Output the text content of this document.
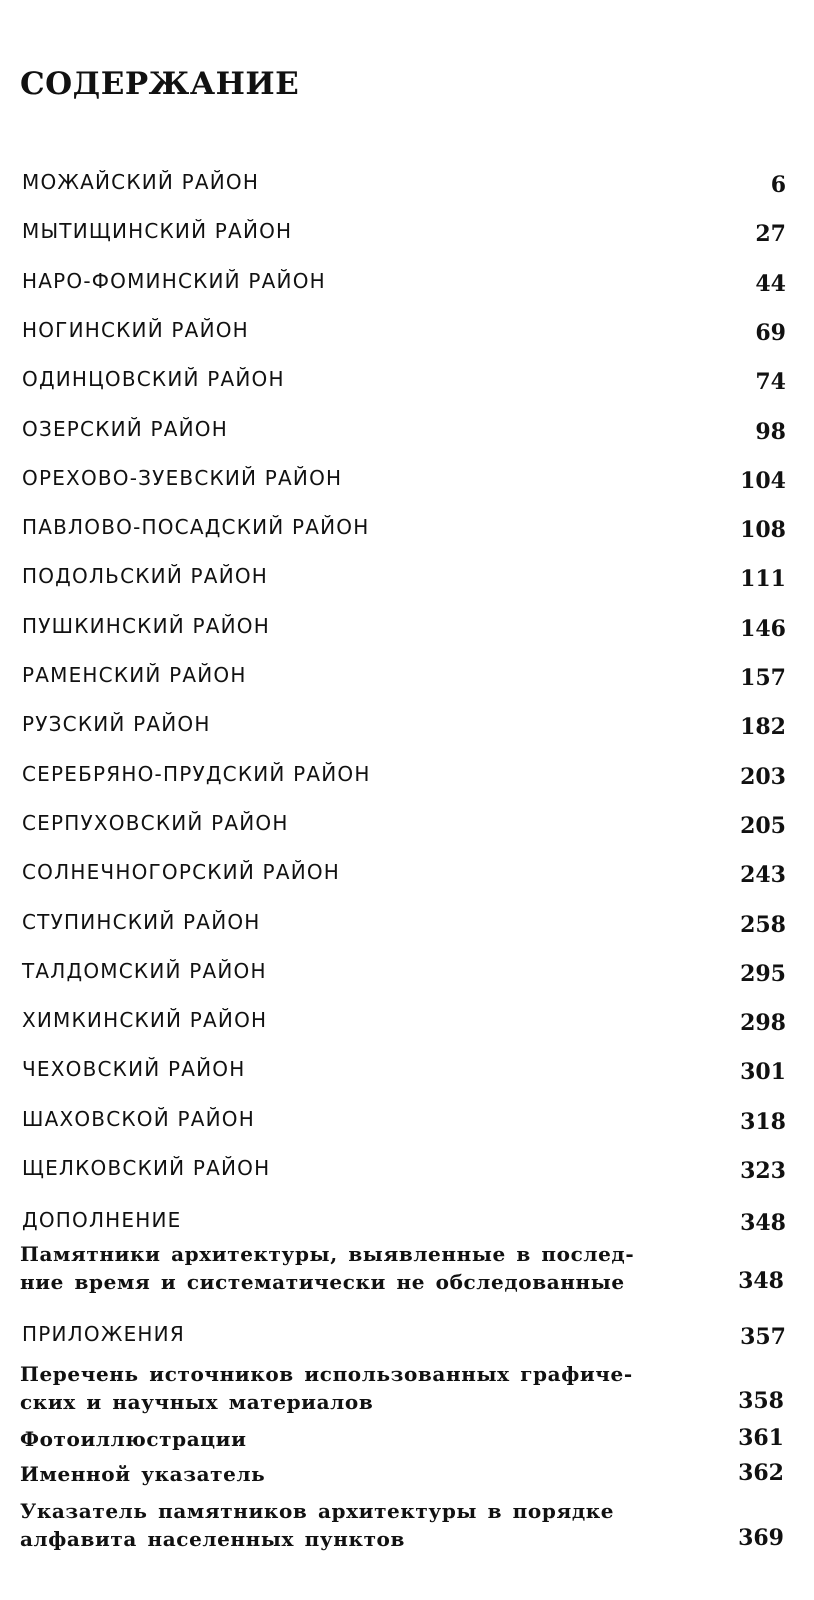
СОДЕРЖАНИЕ
МОЖАЙСКИЙ РАЙОН	6
МЫТИЩИНСКИЙ РАЙОН	27
НАРО-ФОМИНСКИЙ РАЙОН	44
НОГИНСКИЙ РАЙОН	69
ОДИНЦОВСКИЙ РАЙОН	74
ОЗЕРСКИЙ РАЙОН	98
ОРЕХОВО-ЗУЕВСКИЙ РАЙОН	104
ПАВЛОВО-ПОСАДСКИЙ РАЙОН	108
ПОДОЛЬСКИЙ РАЙОН	111
ПУШКИНСКИЙ РАЙОН	146
РАМЕНСКИЙ РАЙОН	157
РУЗСКИЙ РАЙОН	182
СЕРЕБРЯНО-ПРУДСКИЙ РАЙОН	203
СЕРПУХОВСКИЙ РАЙОН	205
СОЛНЕЧНОГОРСКИЙ РАЙОН	243
СТУПИНСКИЙ РАЙОН	258
ТАЛДОМСКИЙ РАЙОН	295
ХИМКИНСКИЙ РАЙОН	298
ЧЕХОВСКИЙ РАЙОН	301
ШАХОВСКОЙ РАЙОН	318
ЩЕЛКОВСКИЙ РАЙОН	323
ДОПОЛНЕНИЕ	348
Памятники архитектуры, выявленные в послед-
ние время и систематически не обследованные	348
ПРИЛОЖЕНИЯ	357
Перечень источников использованных графиче-
ских и научных материалов	358
Фотоиллюстрации	361
Именной указатель	362
Указатель памятников архитектуры в порядке
алфавита населенных пунктов	369
